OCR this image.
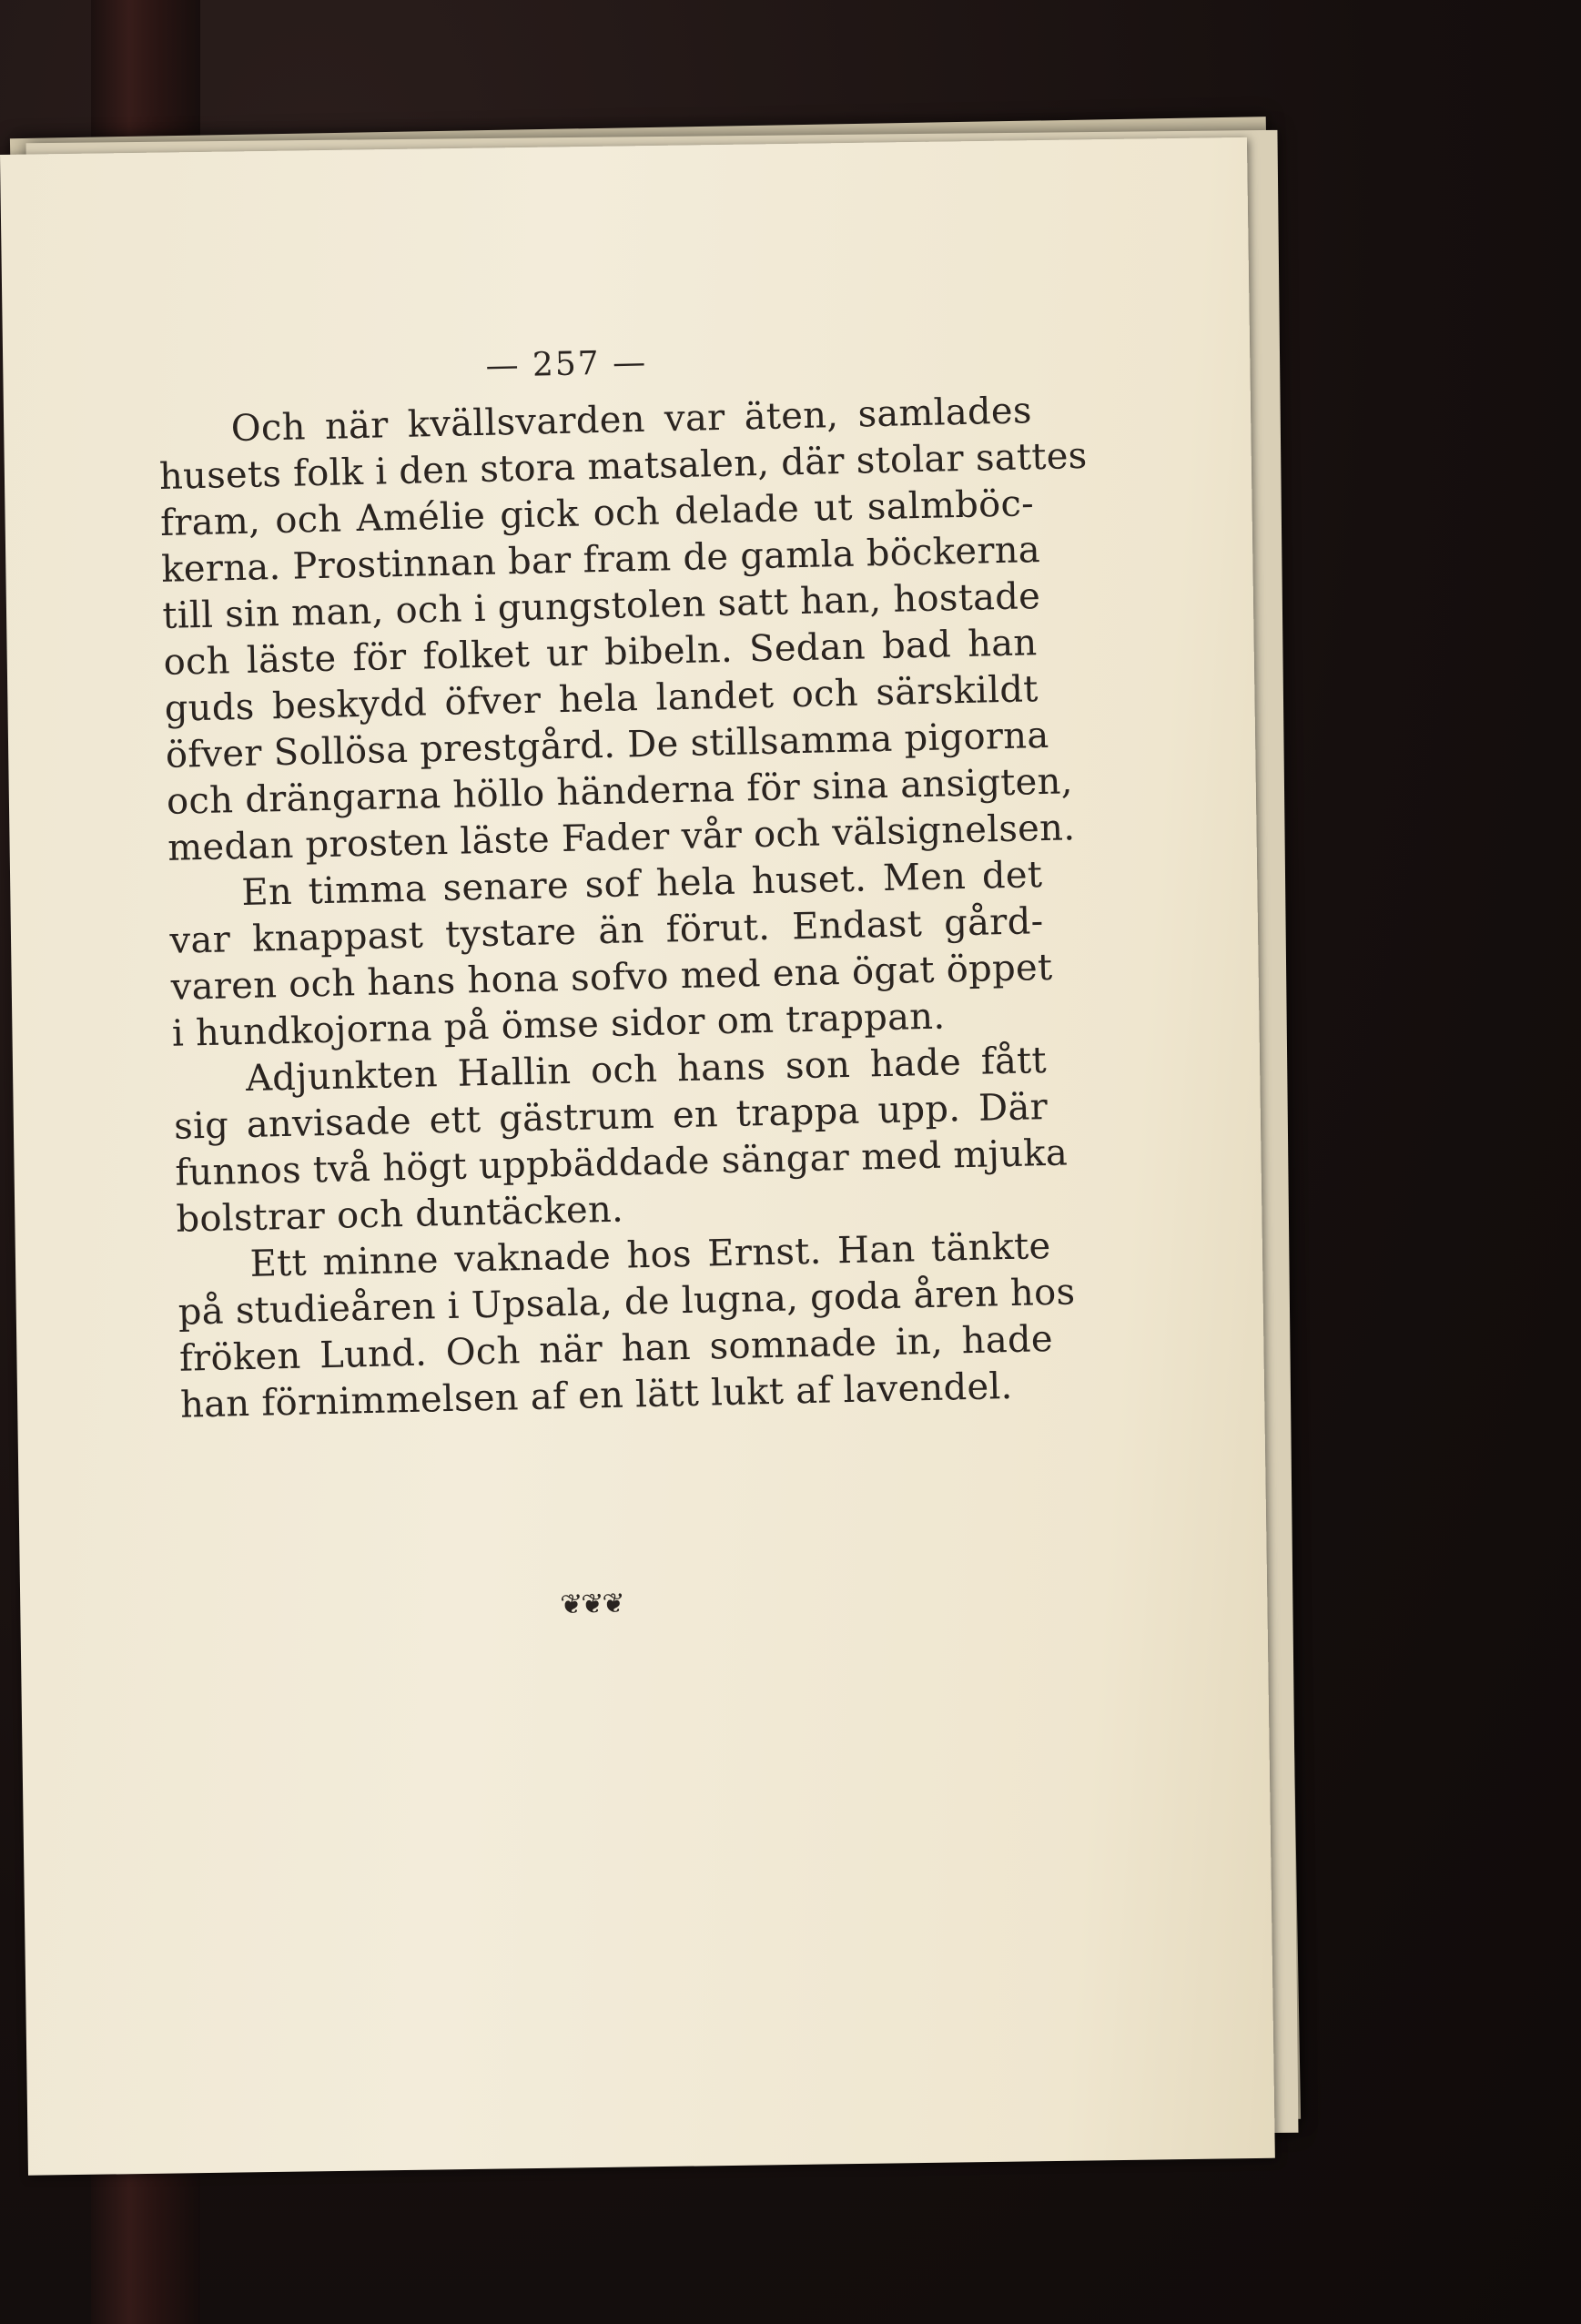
— 257 —
Och när kvällsvarden var äten, samlades
husets folk i den stora matsalen, där stolar sattes
fram, och Amélie gick och delade ut salmböc-
kerna. Prostinnan bar fram de gamla böckerna
till sin man, och i gungstolen satt han, hostade
och läste för folket ur bibeln. Sedan bad han
guds beskydd öfver hela landet och särskildt
öfver Sollösa prestgård. De stillsamma pigorna
och drängarna höllo händerna för sina ansigten,
medan prosten läste Fader vår och välsignelsen.
En timma senare sof hela huset. Men det
var knappast tystare än förut. Endast gård-
varen och hans hona sofvo med ena ögat öppet
i hundkojorna på ömse sidor om trappan.
Adjunkten Hallin och hans son hade fått
sig anvisade ett gästrum en trappa upp. Där
funnos två högt uppbäddade sängar med mjuka
bolstrar och duntäcken.
Ett minne vaknade hos Ernst. Han tänkte
på studieåren i Upsala, de lugna, goda åren hos
fröken Lund. Och när han somnade in, hade
han förnimmelsen af en lätt lukt af lavendel.
❦❦❦
